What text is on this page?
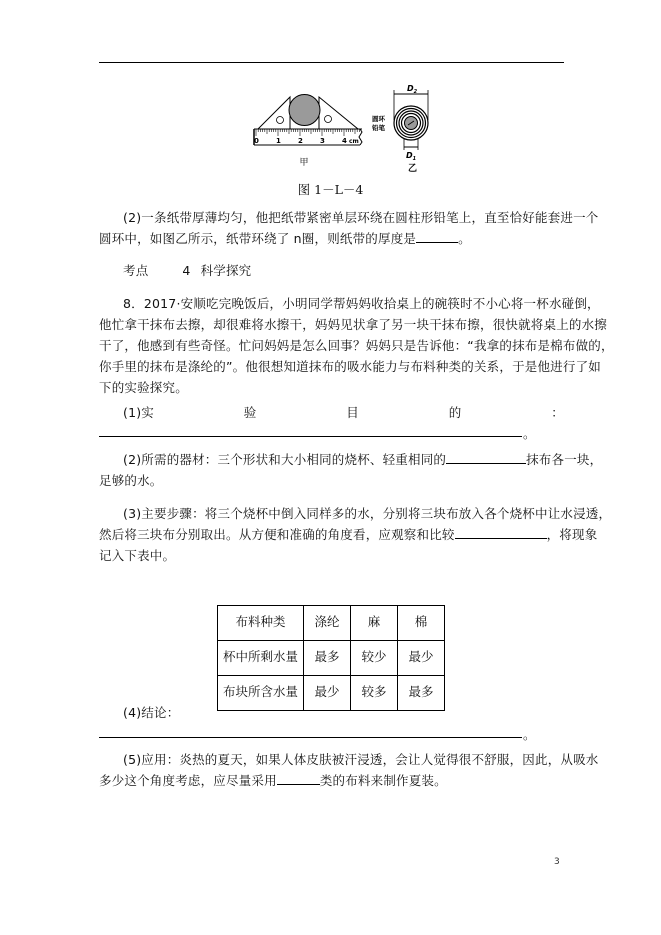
0 1 2 3 4 cm
甲
$D_2$
$D_1$
圆环
铅笔
乙
图 1－L－4
(2)一条纸带厚薄均匀，他把纸带紧密单层环绕在圆柱形铅笔上，直至恰好能套进一个
圆环中，如图乙所示，纸带环绕了 n圈，则纸带的厚度是	。
考点	4 科学探究
8．2017·安顺吃完晚饭后，小明同学帮妈妈收拾桌上的碗筷时不小心将一杯水碰倒，
他忙拿干抹布去擦，却很难将水擦干，妈妈见状拿了另一块干抹布擦，很快就将桌上的水擦
干了，他感到有些奇怪。忙问妈妈是怎么回事？妈妈只是告诉他：“我拿的抹布是棉布做的，
你手里的抹布是涤纶的”。他很想知道抹布的吸水能力与布料种类的关系，于是他进行了如
下的实验探究。
(1)实	验	目	的	：
。
(2)所需的器材：三个形状和大小相同的烧杯、轻重相同的	抹布各一块，
足够的水。
(3)主要步骤：将三个烧杯中倒入同样多的水，分别将三块布放入各个烧杯中让水浸透，
然后将三块布分别取出。从方便和准确的角度看，应观察和比较	，将现象
记入下表中。
布料种类	涤纶	麻	棉
杯中所剩水量	最多	较少	最少
布块所含水量	最少	较多	最多
(4)结论：
。
(5)应用：炎热的夏天，如果人体皮肤被汗浸透，会让人觉得很不舒服，因此，从吸水
多少这个角度考虑，应尽量采用	类的布料来制作夏装。
3
